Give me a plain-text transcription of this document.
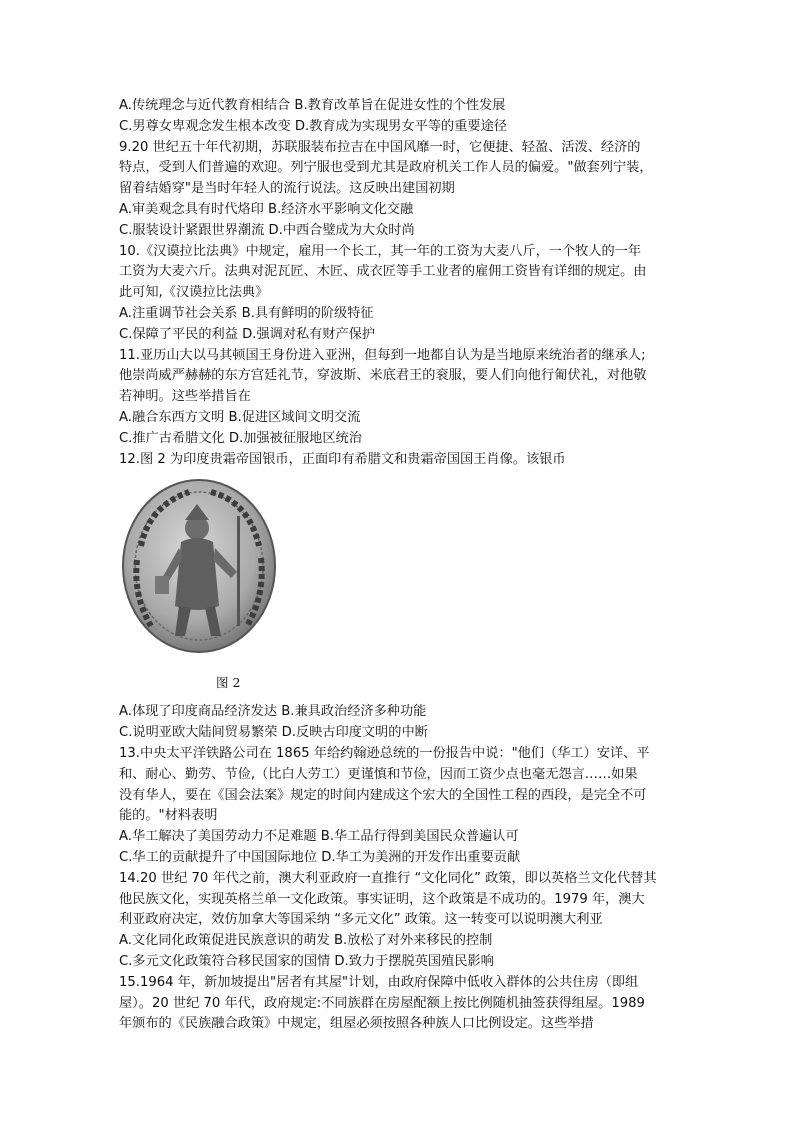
A.传统理念与近代教育相结合 B.教育改革旨在促进女性的个性发展
C.男尊女卑观念发生根本改变 D.教育成为实现男女平等的重要途径
9.20 世纪五十年代初期，苏联服装布拉吉在中国风靡一时，它便捷、轻盈、活泼、经济的
特点，受到人们普遍的欢迎。列宁服也受到尤其是政府机关工作人员的偏爱。"做套列宁装，
留着结婚穿"是当时年轻人的流行说法。这反映出建国初期
A.审美观念具有时代烙印 B.经济水平影响文化交融
C.服装设计紧跟世界潮流 D.中西合璧成为大众时尚
10.《汉谟拉比法典》中规定，雇用一个长工，其一年的工资为大麦八斤，一个牧人的一年
工资为大麦六斤。法典对泥瓦匠、木匠、成衣匠等手工业者的雇佣工资皆有详细的规定。由
此可知,《汉谟拉比法典》
A.注重调节社会关系 B.具有鲜明的阶级特征
C.保障了平民的利益 D.强调对私有财产保护
11.亚历山大以马其顿国王身份进入亚洲，但每到一地都自认为是当地原来统治者的继承人;
他崇尚威严赫赫的东方宫廷礼节，穿波斯、米底君王的衮服，要人们向他行匍伏礼，对他敬
若神明。这些举措旨在
A.融合东西方文明 B.促进区域间文明交流
C.推广古希腊文化 D.加强被征服地区统治
12.图 2 为印度贵霜帝国银币，正面印有希腊文和贵霜帝国国王肖像。该银币
图 2
A.体现了印度商品经济发达 B.兼具政治经济多种功能
C.说明亚欧大陆间贸易繁荣 D.反映古印度文明的中断
13.中央太平洋铁路公司在 1865 年给约翰逊总统的一份报告中说："他们（华工）安详、平
和、耐心、勤劳、节俭,（比白人劳工）更谨慎和节俭，因而工资少点也毫无怨言……如果
没有华人，要在《国会法案》规定的时间内建成这个宏大的全国性工程的西段，是完全不可
能的。"材料表明
A.华工解决了美国劳动力不足难题 B.华工品行得到美国民众普遍认可
C.华工的贡献提升了中国国际地位 D.华工为美洲的开发作出重要贡献
14.20 世纪 70 年代之前，澳大利亚政府一直推行 “文化同化” 政策，即以英格兰文化代替其
他民族文化，实现英格兰单一文化政策。事实证明，这个政策是不成功的。1979 年，澳大
利亚政府决定，效仿加拿大等国采纳 “多元文化” 政策。这一转变可以说明澳大利亚
A.文化同化政策促进民族意识的萌发 B.放松了对外来移民的控制
C.多元文化政策符合移民国家的国情 D.致力于摆脱英国殖民影响
15.1964 年，新加坡提出"居者有其屋"计划，由政府保障中低收入群体的公共住房（即组
屋）。20 世纪 70 年代，政府规定:不同族群在房屋配额上按比例随机抽签获得组屋。1989
年颁布的《民族融合政策》中规定，组屋必须按照各种族人口比例设定。这些举措
